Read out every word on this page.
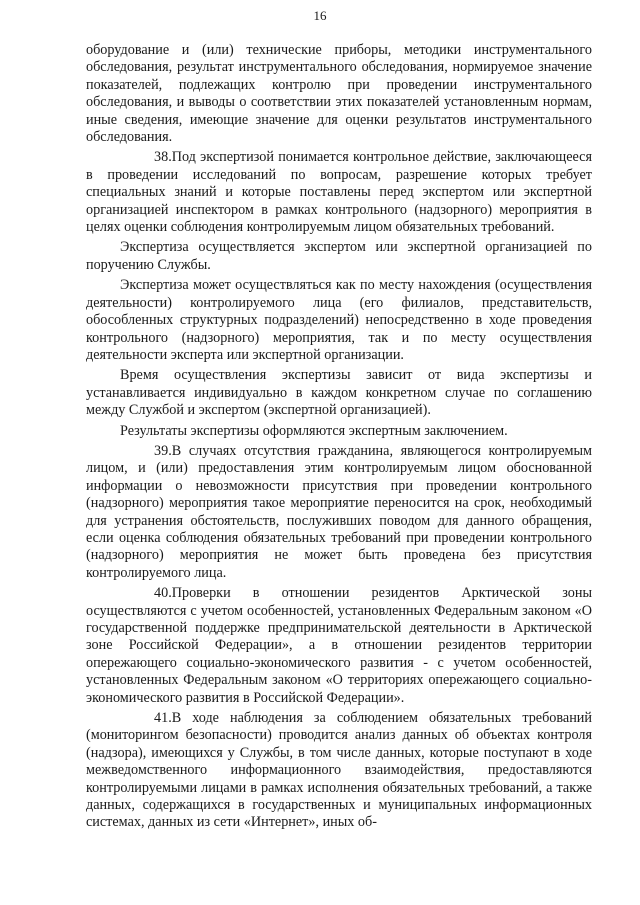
16

оборудование и (или) технические приборы, методики инструментального обследования, результат инструментального обследования, нормируемое значение показателей, подлежащих контролю при проведении инструментального обследования, и выводы о соответствии этих показателей установленным нормам, иные сведения, имеющие значение для оценки результатов инструментального обследования.

38.Под экспертизой понимается контрольное действие, заключающееся в проведении исследований по вопросам, разрешение которых требует специальных знаний и которые поставлены перед экспертом или экспертной организацией инспектором в рамках контрольного (надзорного) мероприятия в целях оценки соблюдения контролируемым лицом обязательных требований.

Экспертиза осуществляется экспертом или экспертной организацией по поручению Службы.

Экспертиза может осуществляться как по месту нахождения (осуществления деятельности) контролируемого лица (его филиалов, представительств, обособленных структурных подразделений) непосредственно в ходе проведения контрольного (надзорного) мероприятия, так и по месту осуществления деятельности эксперта или экспертной организации.

Время осуществления экспертизы зависит от вида экспертизы и устанавливается индивидуально в каждом конкретном случае по соглашению между Службой и экспертом (экспертной организацией).

Результаты экспертизы оформляются экспертным заключением.

39.В случаях отсутствия гражданина, являющегося контролируемым лицом, и (или) предоставления этим контролируемым лицом обоснованной информации о невозможности присутствия при проведении контрольного (надзорного) мероприятия такое мероприятие переносится на срок, необходимый для устранения обстоятельств, послуживших поводом для данного обращения, если оценка соблюдения обязательных требований при проведении контрольного (надзорного) мероприятия не может быть проведена без присутствия контролируемого лица.

40.Проверки в отношении резидентов Арктической зоны осуществляются с учетом особенностей, установленных Федеральным законом «О государственной поддержке предпринимательской деятельности в Арктической зоне Российской Федерации», а в отношении резидентов территории опережающего социально-экономического развития - с учетом особенностей, установленных Федеральным законом «О территориях опережающего социально-экономического развития в Российской Федерации».

41.В ходе наблюдения за соблюдением обязательных требований (мониторингом безопасности) проводится анализ данных об объектах контроля (надзора), имеющихся у Службы, в том числе данных, которые поступают в ходе межведомственного информационного взаимодействия, предоставляются контролируемыми лицами в рамках исполнения обязательных требований, а также данных, содержащихся в государственных и муниципальных информационных системах, данных из сети «Интернет», иных об-
